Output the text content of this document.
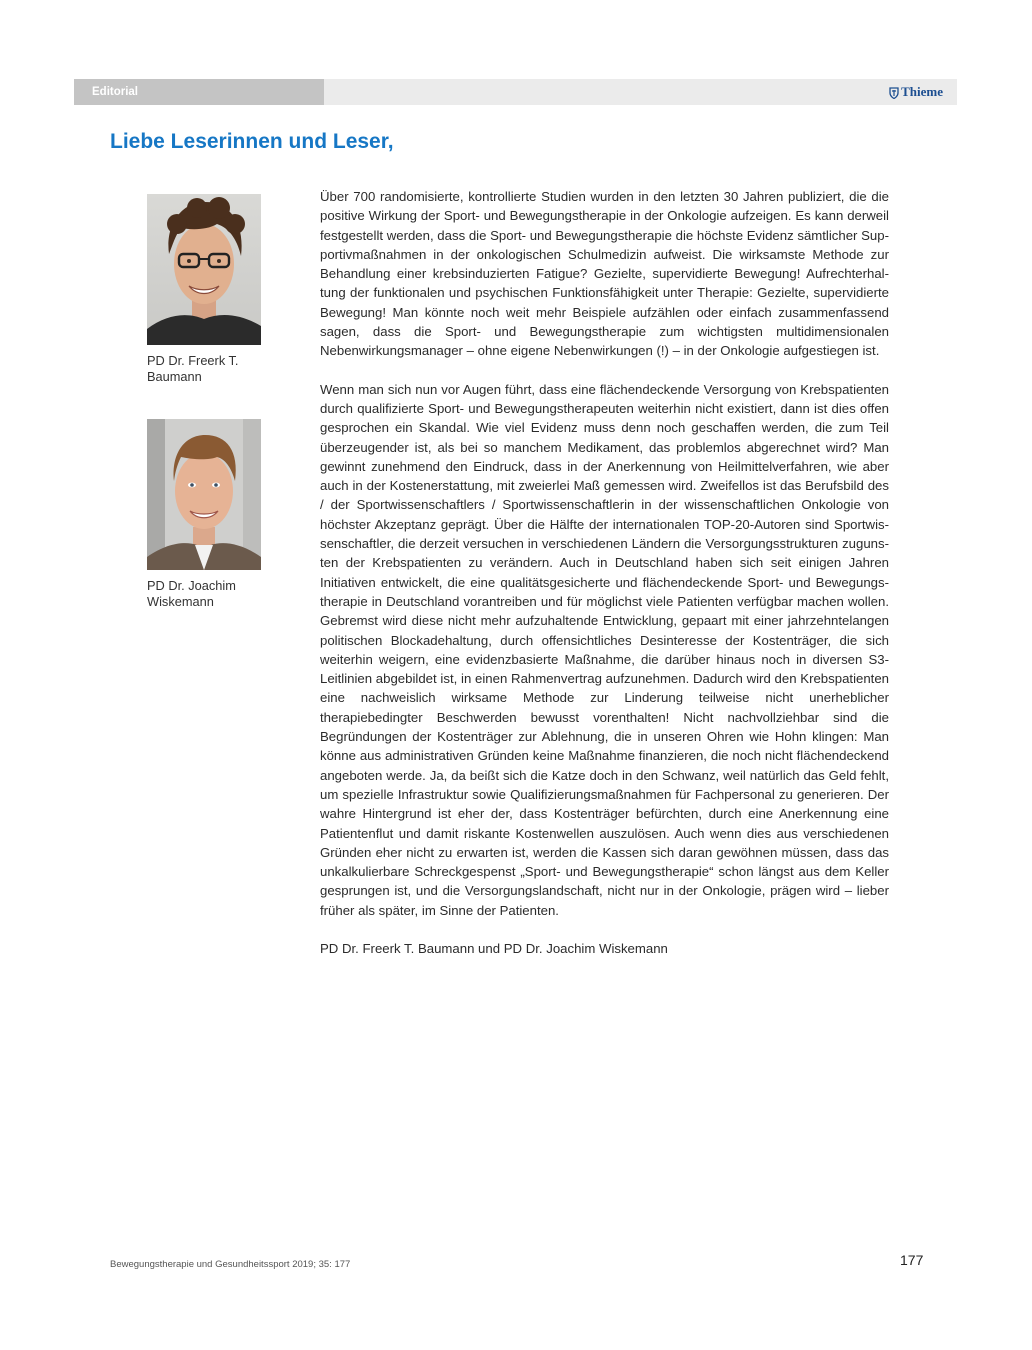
Editorial	Thieme
Liebe Leserinnen und Leser,
PD Dr. Freerk T.
Baumann
PD Dr. Joachim
Wiskemann

Über 700 randomisierte, kontrollierte Studien wurden in den letzten 30 Jahren publiziert, die die positive Wirkung der Sport- und Bewegungstherapie in der Onkologie aufzeigen. Es kann derweil festgestellt werden, dass die Sport- und Bewegungstherapie die höchste Evidenz sämtlicher Supportivmaßnahmen in der onkologischen Schulmedizin aufweist. Die wirksamste Methode zur Behandlung einer krebsinduzierten Fatigue? Gezielte, supervidierte Bewegung! Aufrechterhaltung der funktionalen und psychischen Funktionsfähigkeit unter Therapie: Gezielte, supervidierte Bewegung! Man könnte noch weit mehr Beispiele aufzählen oder einfach zusammenfassend sagen, dass die Sport- und Bewegungstherapie zum wichtigsten multidimensionalen Nebenwirkungsmanager – ohne eigene Nebenwirkungen (!) – in der Onkologie aufgestiegen ist.

Wenn man sich nun vor Augen führt, dass eine flächendeckende Versorgung von Krebspatienten durch qualifizierte Sport- und Bewegungstherapeuten weiterhin nicht existiert, dann ist dies offen gesprochen ein Skandal. Wie viel Evidenz muss denn noch geschaffen werden, die zum Teil überzeugender ist, als bei so manchem Medikament, das problemlos abgerechnet wird? Man gewinnt zunehmend den Eindruck, dass in der Anerkennung von Heilmittelverfahren, wie aber auch in der Kostenerstattung, mit zweierlei Maß gemessen wird. Zweifellos ist das Berufsbild des / der Sportwissenschaftlers / Sportwissenschaftlerin in der wissenschaftlichen Onkologie von höchster Akzeptanz geprägt. Über die Hälfte der internationalen TOP-20-Autoren sind Sportwissenschaftler, die derzeit versuchen in verschiedenen Ländern die Versorgungsstrukturen zugunsten der Krebspatienten zu verändern. Auch in Deutschland haben sich seit einigen Jahren Initiativen entwickelt, die eine qualitätsgesicherte und flächendeckende Sport- und Bewegungstherapie in Deutschland vorantreiben und für möglichst viele Patienten verfügbar machen wollen. Gebremst wird diese nicht mehr aufzuhaltende Entwicklung, gepaart mit einer jahrzehntelangen politischen Blockadehaltung, durch offensichtliches Desinteresse der Kostenträger, die sich weiterhin weigern, eine evidenzbasierte Maßnahme, die darüber hinaus noch in diversen S3-Leitlinien abgebildet ist, in einen Rahmenvertrag aufzunehmen. Dadurch wird den Krebspatienten eine nachweislich wirksame Methode zur Linderung teilweise nicht unerheblicher therapiebedingter Beschwerden bewusst vorenthalten! Nicht nachvollziehbar sind die Begründungen der Kostenträger zur Ablehnung, die in unseren Ohren wie Hohn klingen: Man könne aus administrativen Gründen keine Maßnahme finanzieren, die noch nicht flächendeckend angeboten werde. Ja, da beißt sich die Katze doch in den Schwanz, weil natürlich das Geld fehlt, um spezielle Infrastruktur sowie Qualifizierungsmaßnahmen für Fachpersonal zu generieren. Der wahre Hintergrund ist eher der, dass Kostenträger befürchten, durch eine Anerkennung eine Patientenflut und damit riskante Kostenwellen auszulösen. Auch wenn dies aus verschiedenen Gründen eher nicht zu erwarten ist, werden die Kassen sich daran gewöhnen müssen, dass das unkalkulierbare Schreckgespenst „Sport- und Bewegungstherapie“ schon längst aus dem Keller gesprungen ist, und die Versorgungslandschaft, nicht nur in der Onkologie, prägen wird – lieber früher als später, im Sinne der Patienten.

PD Dr. Freerk T. Baumann und PD Dr. Joachim Wiskemann

Bewegungstherapie und Gesundheitssport 2019; 35: 177	177
